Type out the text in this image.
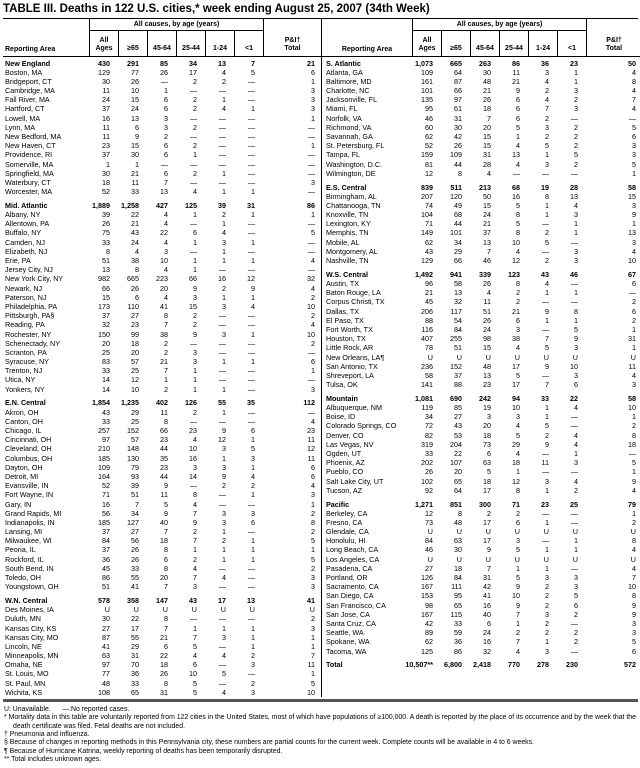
TABLE III. Deaths in 122 U.S. cities,* week ending August 25, 2007 (34th Week)
Reporting Area
All causes, by age (years)
All
Ages	≥65	45-64	25-44	1-24	<1
P&I†
Total
New England	430	291	85	34	13	7	21
Boston, MA	129	77	26	17	4	5	6
Bridgeport, CT	30	26	—	2	2	—	1
Cambridge, MA	11	10	1	—	—	—	3
Fall River, MA	24	15	6	2	1	—	3
Hartford, CT	37	24	6	2	4	1	3
Lowell, MA	16	13	3	—	—	—	1
Lynn, MA	11	6	3	2	—	—	—
New Bedford, MA	11	9	2	—	—	—	—
New Haven, CT	23	15	6	2	—	—	1
Providence, RI	37	30	6	1	—	—	—
Somerville, MA	1	1	—	—	—	—	—
Springfield, MA	30	21	6	2	1	—	—
Waterbury, CT	18	11	7	—	—	—	3
Worcester, MA	52	33	13	4	1	1	—
Mid. Atlantic	1,889	1,258	427	125	39	31	86
Albany, NY	39	22	4	1	2	1	1
Allentown, PA	26	21	4	—	1	—	—
Buffalo, NY	75	43	22	6	4	—	5
Camden, NJ	33	24	4	1	3	1	—
Elizabeth, NJ	8	4	3	—	1	—	—
Erie, PA	51	38	10	1	1	1	4
Jersey City, NJ	13	8	4	1	—	—	—
New York City, NY	982	665	223	66	16	12	32
Newark, NJ	66	26	20	9	2	9	4
Paterson, NJ	15	6	4	3	1	1	2
Philadelphia, PA	173	110	41	15	3	4	10
Pittsburgh, PA§	37	27	8	2	—	—	2
Reading, PA	32	23	7	2	—	—	4
Rochester, NY	150	99	38	9	3	1	10
Schenectady, NY	20	18	2	—	—	—	2
Scranton, PA	25	20	2	3	—	—	—
Syracuse, NY	83	57	21	3	1	1	6
Trenton, NJ	33	25	7	1	—	—	1
Utica, NY	14	12	1	1	—	—	—
Yonkers, NY	14	10	2	1	1	—	3
E.N. Central	1,854	1,235	402	126	55	35	112
Akron, OH	43	29	11	2	1	—	—
Canton, OH	33	25	8	—	—	—	4
Chicago, IL	257	152	66	23	9	6	23
Cincinnati, OH	97	57	23	4	12	1	11
Cleveland, OH	210	148	44	10	3	5	12
Columbus, OH	185	130	35	16	1	3	11
Dayton, OH	109	79	23	3	3	1	6
Detroit, MI	164	93	44	14	9	4	6
Evansville, IN	52	39	9	—	2	2	4
Fort Wayne, IN	71	51	11	8	—	1	3
Gary, IN	16	7	5	4	—	—	1
Grand Rapids, MI	56	34	9	7	3	3	2
Indianapolis, IN	185	127	40	9	3	6	8
Lansing, MI	37	27	7	2	1	—	2
Milwaukee, WI	84	56	18	7	2	1	5
Peoria, IL	37	26	8	1	1	1	1
Rockford, IL	36	26	6	2	1	1	5
South Bend, IN	45	33	8	4	—	—	2
Toledo, OH	86	55	20	7	4	—	3
Youngstown, OH	51	41	7	3	—	—	3
W.N. Central	578	358	147	43	17	13	41
Des Moines, IA	U	U	U	U	U	U	U
Duluth, MN	30	22	8	—	—	—	2
Kansas City, KS	27	17	7	1	1	1	3
Kansas City, MO	87	55	21	7	3	1	1
Lincoln, NE	41	29	6	5	—	1	1
Minneapolis, MN	63	31	22	4	4	2	7
Omaha, NE	97	70	18	6	—	3	11
St. Louis, MO	77	36	26	10	5	—	1
St. Paul, MN	48	33	8	5	—	2	5
Wichita, KS	108	65	31	5	4	3	10
Reporting Area
All causes, by age (years)
All
Ages	≥65	45-64	25-44	1-24	<1
P&I†
Total
S. Atlantic	1,073	665	263	86	36	23	50
Atlanta, GA	109	64	30	11	3	1	4
Baltimore, MD	161	87	48	21	4	1	8
Charlotte, NC	101	66	21	9	2	3	4
Jacksonville, FL	135	97	26	6	4	2	7
Miami, FL	95	61	18	6	7	3	4
Norfolk, VA	46	31	7	6	2	—	—
Richmond, VA	60	30	20	5	3	2	5
Savannah, GA	62	42	15	1	2	2	6
St. Petersburg, FL	52	26	15	4	5	2	3
Tampa, FL	159	109	31	13	1	5	3
Washington, D.C.	81	44	28	4	3	2	5
Wilmington, DE	12	8	4	—	—	—	1
E.S. Central	839	511	213	68	19	28	58
Birmingham, AL	207	120	50	16	8	13	15
Chattanooga, TN	74	49	15	5	1	4	3
Knoxville, TN	104	68	24	8	1	3	9
Lexington, KY	71	44	21	5	—	1	1
Memphis, TN	149	101	37	8	2	1	13
Mobile, AL	62	34	13	10	5	—	3
Montgomery, AL	43	29	7	4	—	3	4
Nashville, TN	129	66	46	12	2	3	10
W.S. Central	1,492	941	339	123	43	46	67
Austin, TX	96	58	26	8	4	—	6
Baton Rouge, LA	21	13	4	2	1	1	—
Corpus Christi, TX	45	32	11	2	—	—	2
Dallas, TX	206	117	51	21	9	8	6
El Paso, TX	88	54	26	6	1	1	2
Fort Worth, TX	116	84	24	3	—	5	1
Houston, TX	407	255	98	38	7	9	31
Little Rock, AR	78	51	15	4	5	3	1
New Orleans, LA¶	U	U	U	U	U	U	U
San Antonio, TX	236	152	48	17	9	10	11
Shreveport, LA	58	37	13	5	—	3	4
Tulsa, OK	141	88	23	17	7	6	3
Mountain	1,081	690	242	94	33	22	58
Albuquerque, NM	119	85	19	10	1	4	10
Boise, ID	34	27	3	3	1	—	1
Colorado Springs, CO	72	43	20	4	5	—	2
Denver, CO	82	53	18	5	2	4	8
Las Vegas, NV	319	204	73	29	9	4	18
Ogden, UT	33	22	6	4	—	1	—
Phoenix, AZ	202	107	63	18	11	3	5
Pueblo, CO	26	20	5	1	—	—	1
Salt Lake City, UT	102	65	18	12	3	4	9
Tucson, AZ	92	64	17	8	1	2	4
Pacific	1,271	851	300	71	23	25	79
Berkeley, CA	12	8	2	2	—	—	1
Fresno, CA	73	48	17	6	1	—	2
Glendale, CA	U	U	U	U	U	U	U
Honolulu, HI	84	63	17	3	—	1	8
Long Beach, CA	46	30	9	5	1	1	4
Los Angeles, CA	U	U	U	U	U	U	U
Pasadena, CA	27	18	7	1	1	—	4
Portland, OR	126	84	31	5	3	3	7
Sacramento, CA	167	111	42	9	2	3	10
San Diego, CA	153	95	41	10	2	5	8
San Francisco, CA	98	65	16	9	2	6	9
San Jose, CA	167	115	40	7	3	2	9
Santa Cruz, CA	42	33	6	1	2	—	3
Seattle, WA	89	59	24	2	2	2	3
Spokane, WA	62	36	16	7	1	2	5
Tacoma, WA	125	86	32	4	3	—	6
Total	10,507**	6,800	2,418	770	278	230	572
U: Unavailable.      —:No reported cases.
* Mortality data in this table are voluntarily reported from 122 cities in the United States, most of which have populations of ≥100,000. A death is reported by the place of its occurrence and by the week that the death certificate was filed. Fetal deaths are not included.
† Pneumonia and influenza.
§ Because of changes in reporting methods in this Pennsylvania city, these numbers are partial counts for the current week. Complete counts will be available in 4 to 6 weeks.
¶ Because of Hurricane Katrina, weekly reporting of deaths has been temporarily disrupted.
** Total includes unknown ages.
